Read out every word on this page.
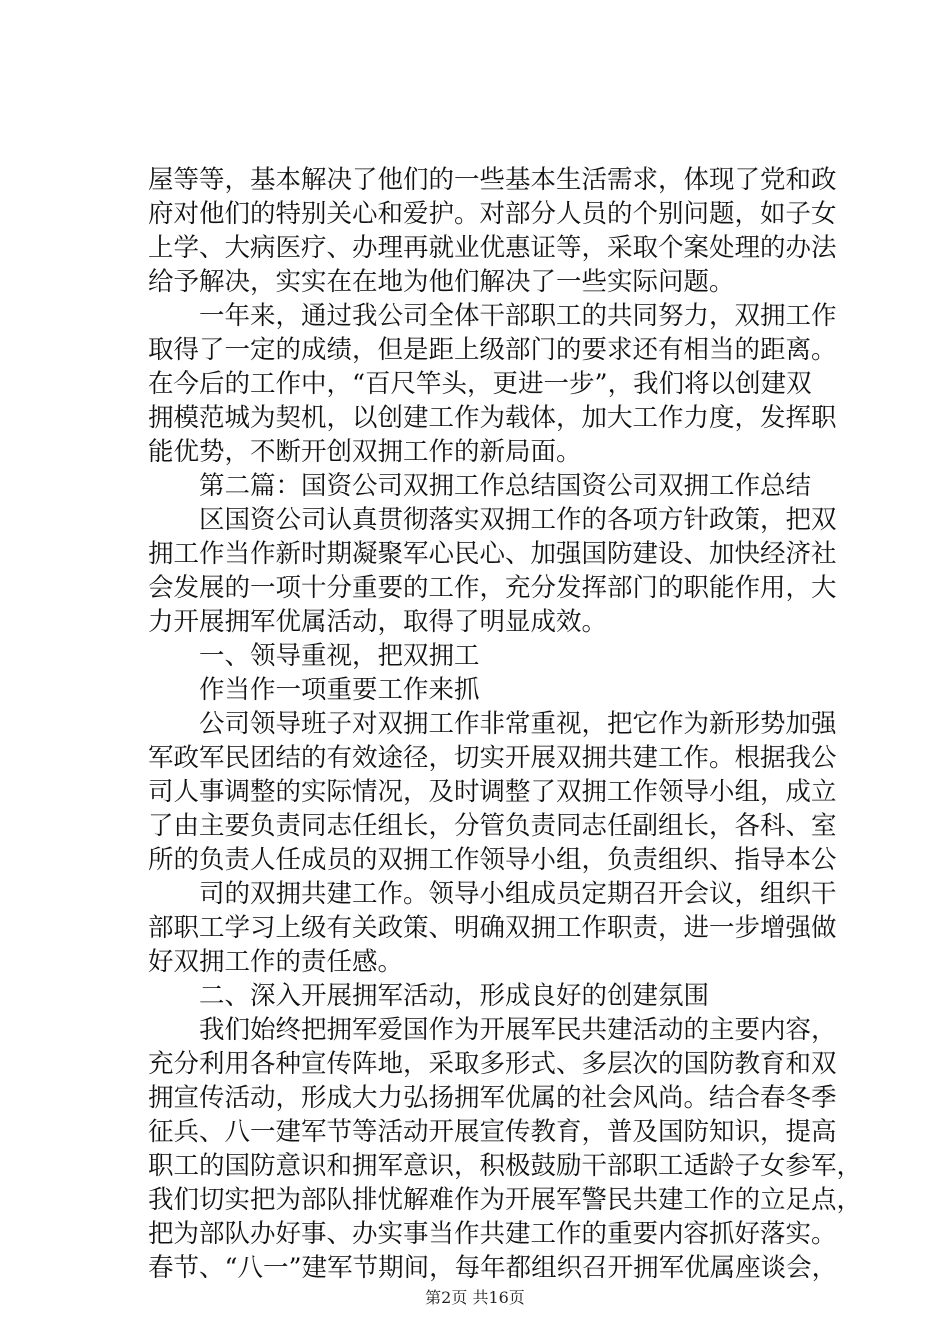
屋等等，基本解决了他们的一些基本生活需求，体现了党和政
府对他们的特别关心和爱护。对部分人员的个别问题，如子女
上学、大病医疗、办理再就业优惠证等，采取个案处理的办法
给予解决，实实在在地为他们解决了一些实际问题。
　　一年来，通过我公司全体干部职工的共同努力，双拥工作
取得了一定的成绩，但是距上级部门的要求还有相当的距离。
在今后的工作中，“百尺竿头，更进一步”，我们将以创建双
拥模范城为契机，以创建工作为载体，加大工作力度，发挥职
能优势，不断开创双拥工作的新局面。
　　第二篇：国资公司双拥工作总结国资公司双拥工作总结
　　区国资公司认真贯彻落实双拥工作的各项方针政策，把双
拥工作当作新时期凝聚军心民心、加强国防建设、加快经济社
会发展的一项十分重要的工作，充分发挥部门的职能作用，大
力开展拥军优属活动，取得了明显成效。
　　一、领导重视，把双拥工
　　作当作一项重要工作来抓
　　公司领导班子对双拥工作非常重视，把它作为新形势加强
军政军民团结的有效途径，切实开展双拥共建工作。根据我公
司人事调整的实际情况，及时调整了双拥工作领导小组，成立
了由主要负责同志任组长，分管负责同志任副组长，各科、室
所的负责人任成员的双拥工作领导小组，负责组织、指导本公
　　司的双拥共建工作。领导小组成员定期召开会议，组织干
部职工学习上级有关政策、明确双拥工作职责，进一步增强做
好双拥工作的责任感。
　　二、深入开展拥军活动，形成良好的创建氛围
　　我们始终把拥军爱国作为开展军民共建活动的主要内容，
充分利用各种宣传阵地，采取多形式、多层次的国防教育和双
拥宣传活动，形成大力弘扬拥军优属的社会风尚。结合春冬季
征兵、八一建军节等活动开展宣传教育，普及国防知识，提高
职工的国防意识和拥军意识，积极鼓励干部职工适龄子女参军，
我们切实把为部队排忧解难作为开展军警民共建工作的立足点，
把为部队办好事、办实事当作共建工作的重要内容抓好落实。
春节、“八一”建军节期间，每年都组织召开拥军优属座谈会，
第2页 共16页
